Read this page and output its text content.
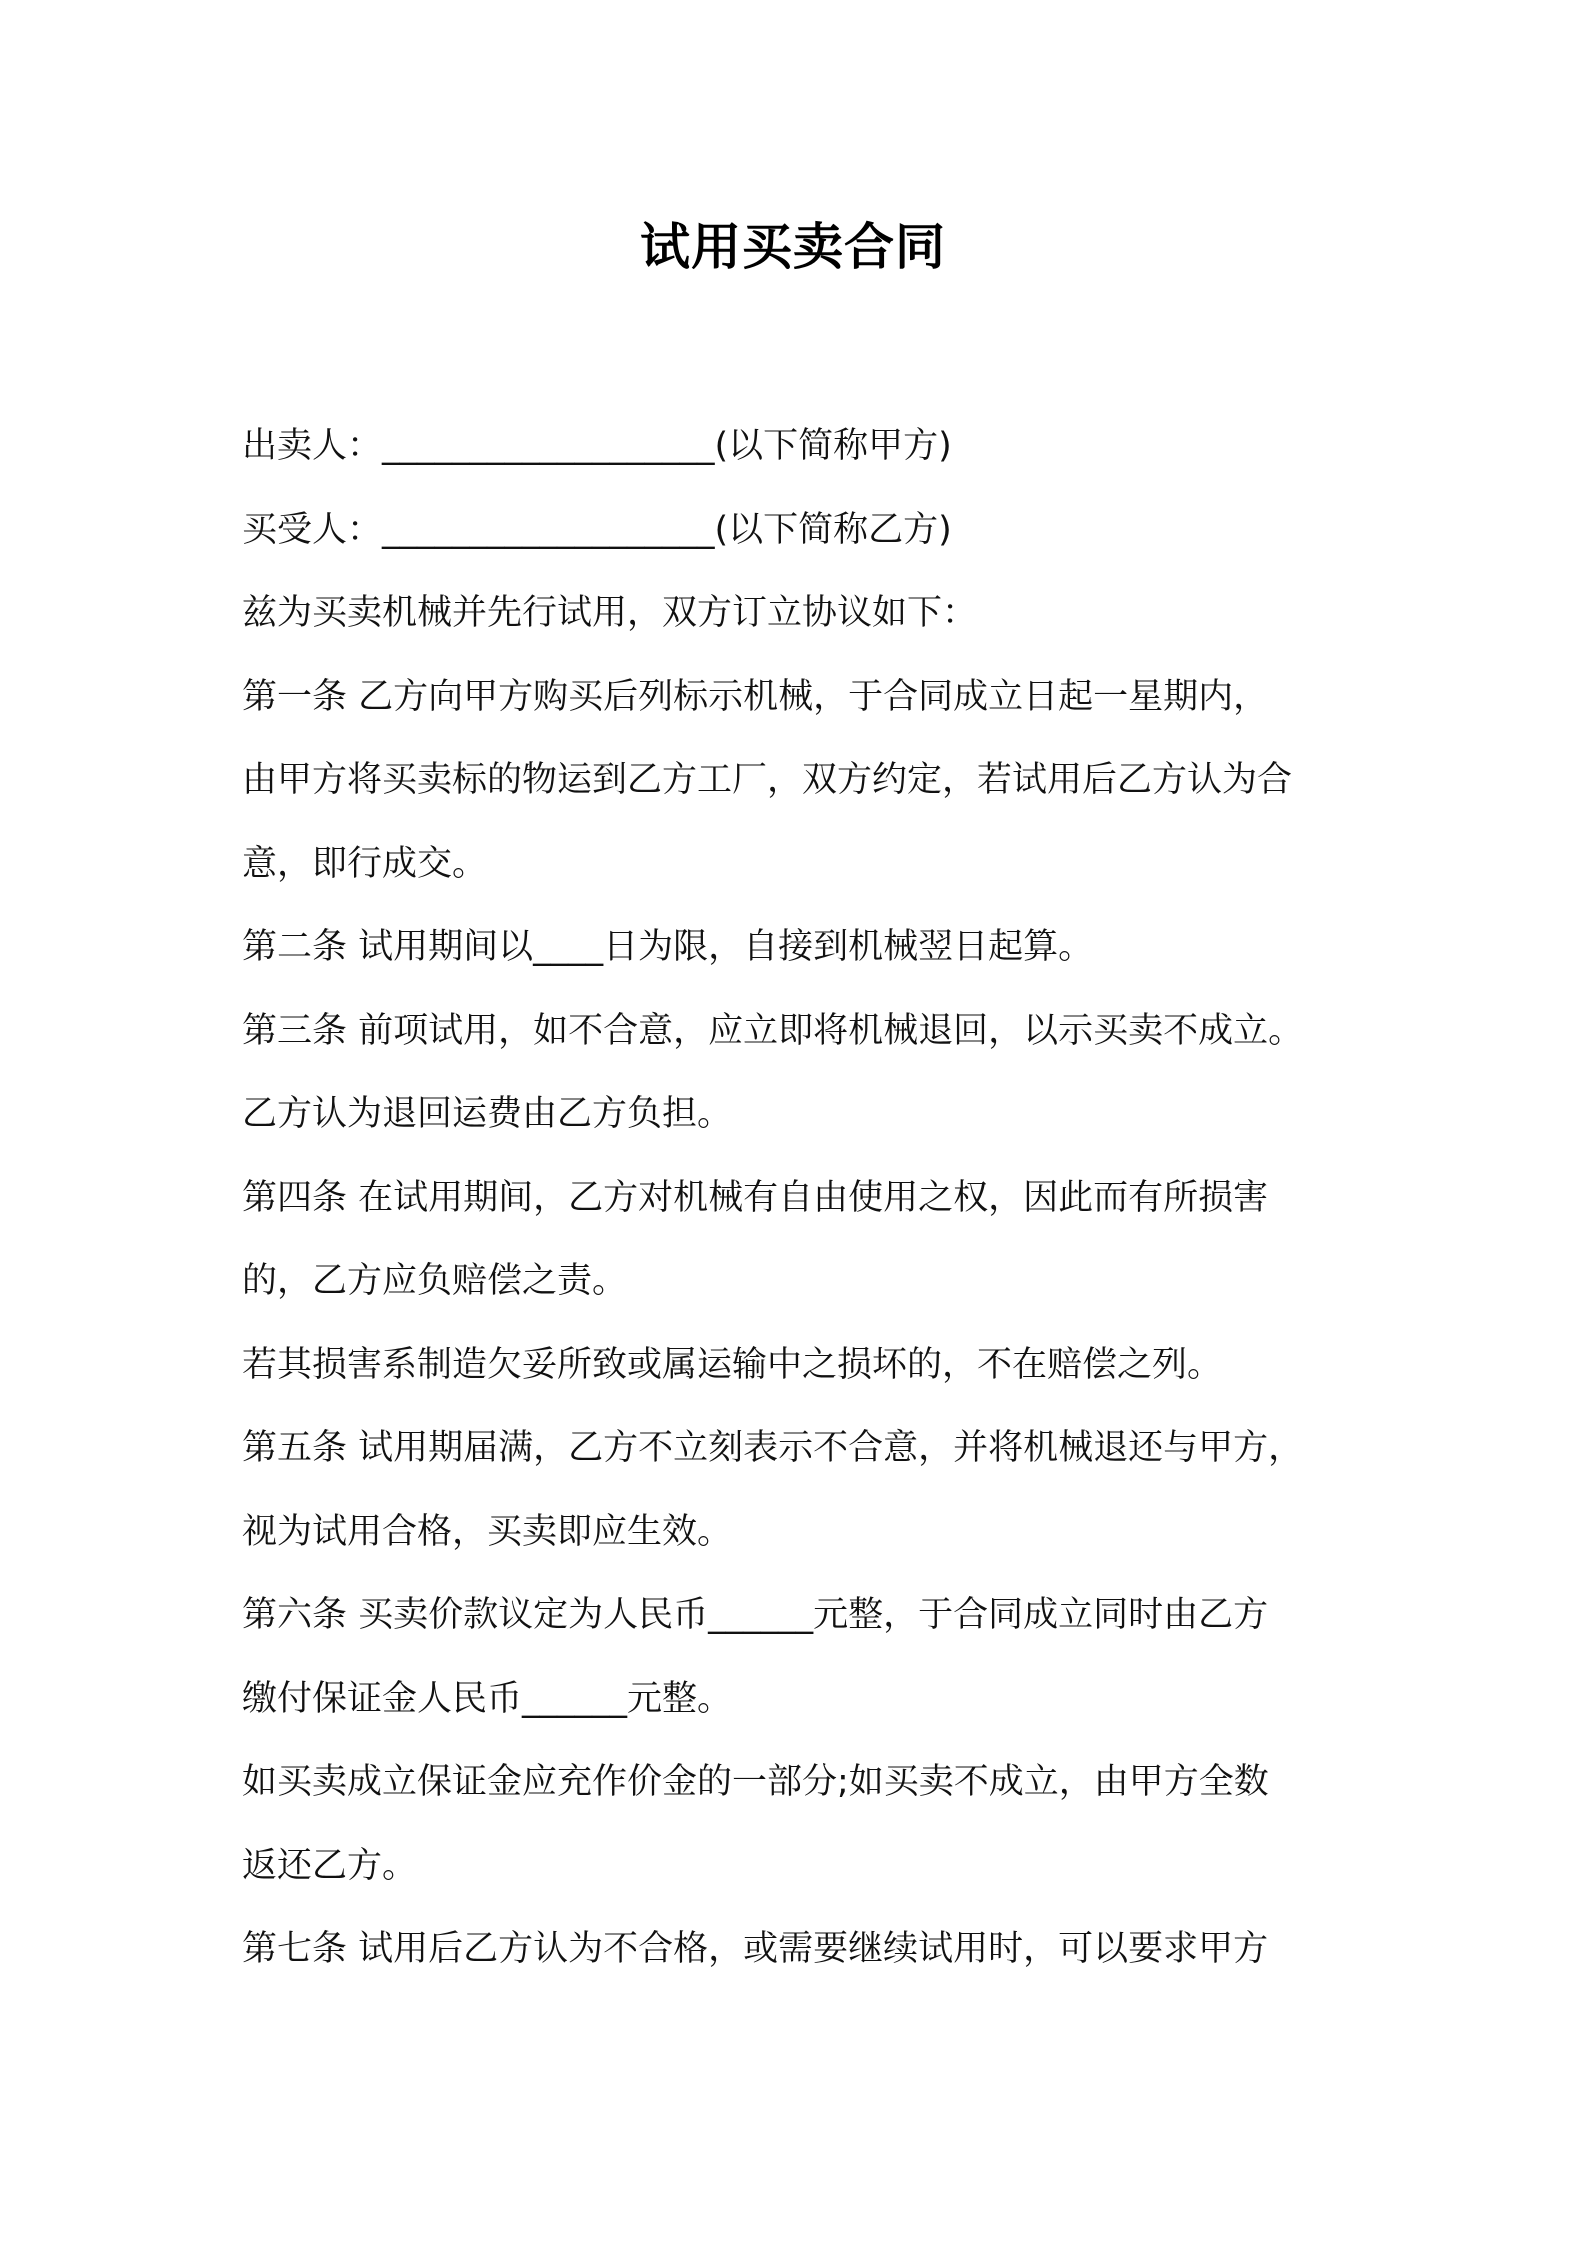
试用买卖合同
出卖人：___________________(以下简称甲方)
买受人：___________________(以下简称乙方)
兹为买卖机械并先行试用，双方订立协议如下：
第一条 乙方向甲方购买后列标示机械，于合同成立日起一星期内，
由甲方将买卖标的物运到乙方工厂，双方约定，若试用后乙方认为合
意，即行成交。
第二条 试用期间以____日为限，自接到机械翌日起算。
第三条 前项试用，如不合意，应立即将机械退回，以示买卖不成立。
乙方认为退回运费由乙方负担。
第四条 在试用期间，乙方对机械有自由使用之权，因此而有所损害
的，乙方应负赔偿之责。
若其损害系制造欠妥所致或属运输中之损坏的，不在赔偿之列。
第五条 试用期届满，乙方不立刻表示不合意，并将机械退还与甲方，
视为试用合格，买卖即应生效。
第六条 买卖价款议定为人民币______元整，于合同成立同时由乙方
缴付保证金人民币______元整。
如买卖成立保证金应充作价金的一部分;如买卖不成立，由甲方全数
返还乙方。
第七条 试用后乙方认为不合格，或需要继续试用时，可以要求甲方
